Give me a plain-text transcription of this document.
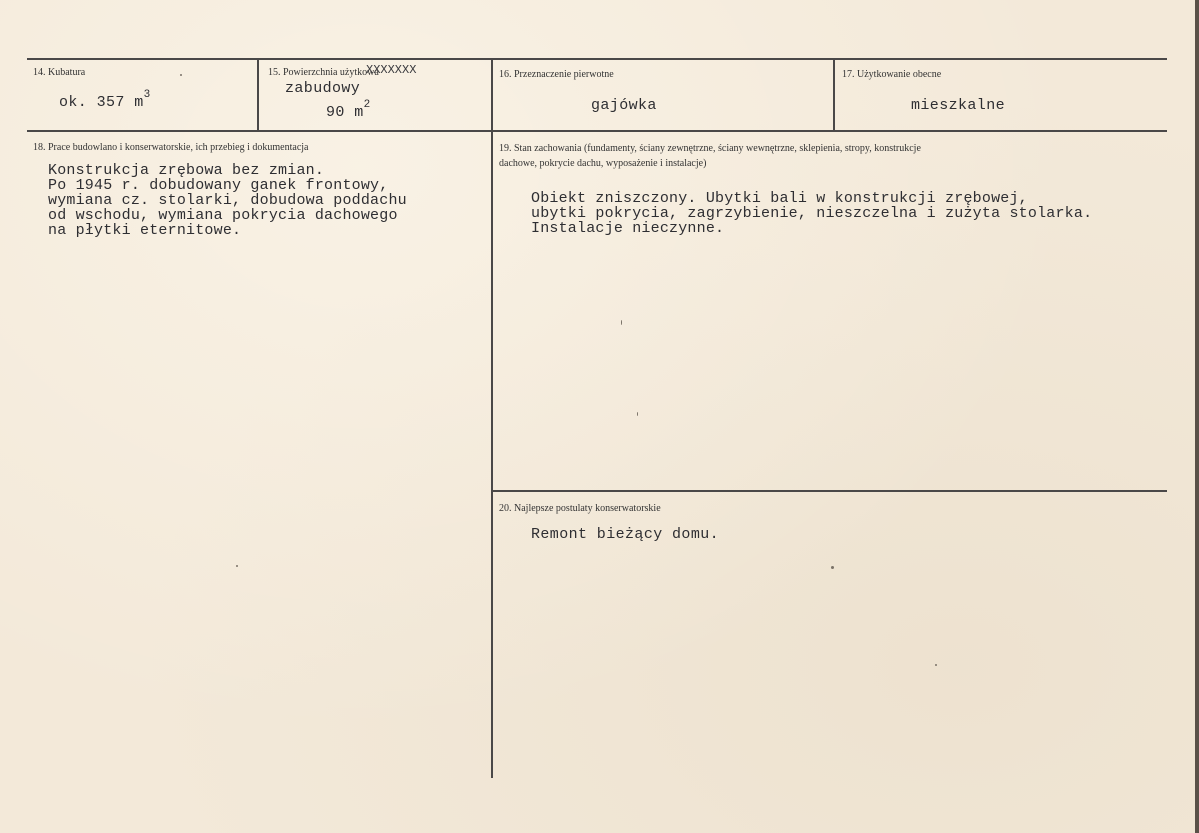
14. Kubatura
ok. 357 $m^3$
15. Powierzchnia użytkowa
XXXXXXX
zabudowy
90 $m^2$
16. Przeznaczenie pierwotne
gajówka
17. Użytkowanie obecne
mieszkalne
18. Prace budowlano i konserwatorskie, ich przebieg i dokumentacja
Konstrukcja zrębowa bez zmian.
Po 1945 r. dobudowany ganek frontowy,
wymiana cz. stolarki, dobudowa poddachu
od wschodu, wymiana pokrycia dachowego
na płytki eternitowe.
19. Stan zachowania (fundamenty, ściany zewnętrzne, ściany wewnętrzne, sklepienia, stropy, konstrukcje
dachowe, pokrycie dachu, wyposażenie i instalacje)
Obiekt zniszczony. Ubytki bali w konstrukcji zrębowej,
ubytki pokrycia, zagrzybienie, nieszczelna i zużyta stolarka.
Instalacje nieczynne.
20. Najlepsze postulaty konserwatorskie
Remont bieżący domu.
